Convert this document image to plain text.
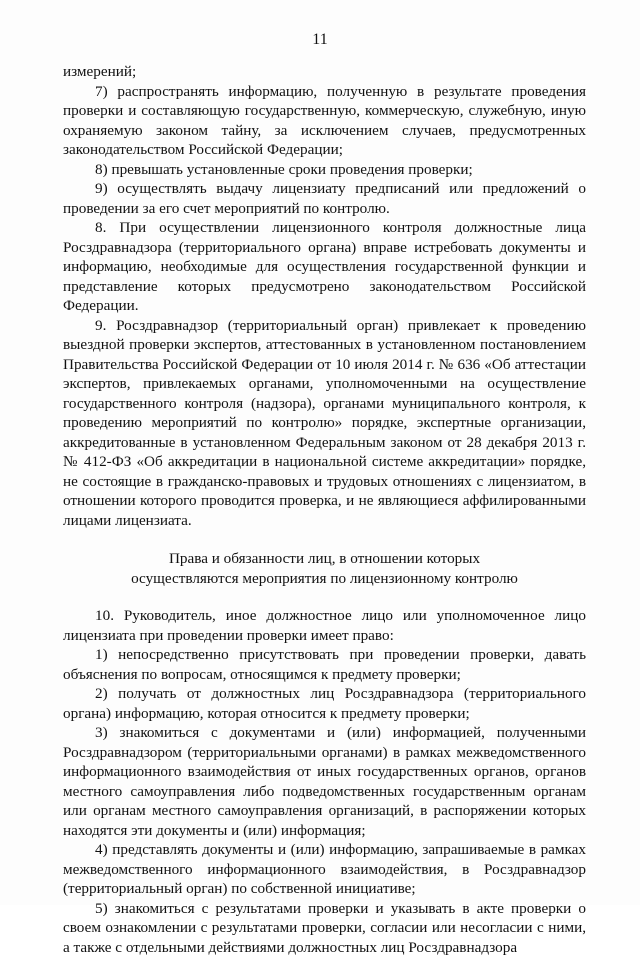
11

измерений;

7) распространять информацию, полученную в результате проведения проверки и составляющую государственную, коммерческую, служебную, иную охраняемую законом тайну, за исключением случаев, предусмотренных законодательством Российской Федерации;

8) превышать установленные сроки проведения проверки;

9) осуществлять выдачу лицензиату предписаний или предложений о проведении за его счет мероприятий по контролю.

8. При осуществлении лицензионного контроля должностные лица Росздравнадзора (территориального органа) вправе истребовать документы и информацию, необходимые для осуществления государственной функции и представление которых предусмотрено законодательством Российской Федерации.

9. Росздравнадзор (территориальный орган) привлекает к проведению выездной проверки экспертов, аттестованных в установленном постановлением Правительства Российской Федерации от 10 июля 2014 г. № 636 «Об аттестации экспертов, привлекаемых органами, уполномоченными на осуществление государственного контроля (надзора), органами муниципального контроля, к проведению мероприятий по контролю» порядке, экспертные организации, аккредитованные в установленном Федеральным законом от 28 декабря 2013 г. № 412-ФЗ «Об аккредитации в национальной системе аккредитации» порядке, не состоящие в гражданско-правовых и трудовых отношениях с лицензиатом, в отношении которого проводится проверка, и не являющиеся аффилированными лицами лицензиата.

Права и обязанности лиц, в отношении которых
осуществляются мероприятия по лицензионному контролю

10. Руководитель, иное должностное лицо или уполномоченное лицо лицензиата при проведении проверки имеет право:

1) непосредственно присутствовать при проведении проверки, давать объяснения по вопросам, относящимся к предмету проверки;

2) получать от должностных лиц Росздравнадзора (территориального органа) информацию, которая относится к предмету проверки;

3) знакомиться с документами и (или) информацией, полученными Росздравнадзором (территориальными органами) в рамках межведомственного информационного взаимодействия от иных государственных органов, органов местного самоуправления либо подведомственных государственным органам или органам местного самоуправления организаций, в распоряжении которых находятся эти документы и (или) информация;

4) представлять документы и (или) информацию, запрашиваемые в рамках межведомственного информационного взаимодействия, в Росздравнадзор (территориальный орган) по собственной инициативе;

5) знакомиться с результатами проверки и указывать в акте проверки о своем ознакомлении с результатами проверки, согласии или несогласии с ними, а также с отдельными действиями должностных лиц Росздравнадзора
